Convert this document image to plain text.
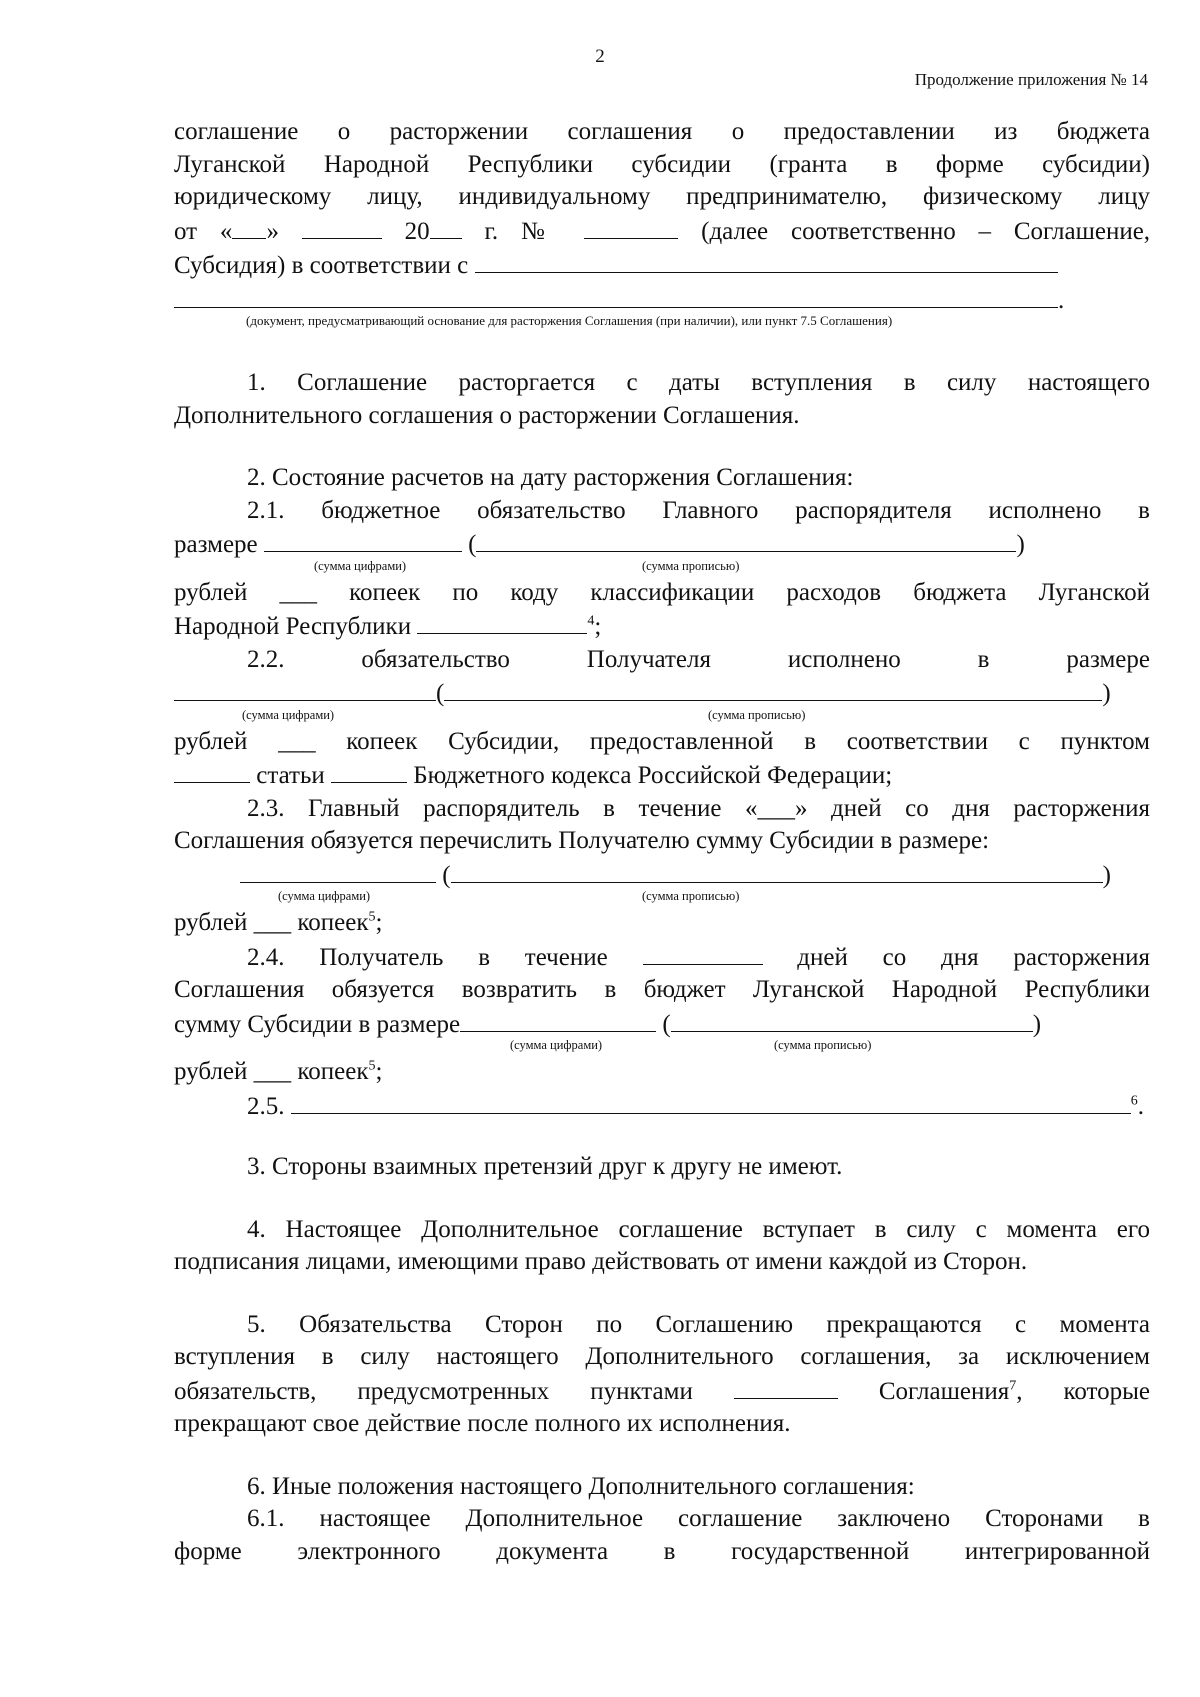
2
Продолжение приложения № 14
соглашение о расторжении соглашения о предоставлении из бюджета
Луганской Народной Республики субсидии (гранта в форме субсидии)
юридическому лицу, индивидуальному предпринимателю, физическому лицу
от « »	20 г. №	(далее соответственно – Соглашение,
Субсидия) в соответствии с
.
(документ, предусматривающий основание для расторжения Соглашения (при наличии), или пункт 7.5 Соглашения)
1. Соглашение расторгается с даты вступления в силу настоящего
Дополнительного соглашения о расторжении Соглашения.
2. Состояние расчетов на дату расторжения Соглашения:
2.1. бюджетное обязательство Главного распорядителя исполнено в
размере	(	)
(сумма цифрами)	(сумма прописью)
рублей ___ копеек по коду классификации расходов бюджета Луганской
Народной Республики	$^4$;
2.2. обязательство Получателя исполнено в размере
(	)
(сумма цифрами)	(сумма прописью)
рублей ___ копеек Субсидии, предоставленной в соответствии с пунктом
статьи	Бюджетного кодекса Российской Федерации;
2.3. Главный распорядитель в течение «___» дней со дня расторжения
Соглашения обязуется перечислить Получателю сумму Субсидии в размере:
(	)
(сумма цифрами)	(сумма прописью)
рублей ___ копеек$^5$;
2.4. Получатель в течение	дней со дня расторжения
Соглашения обязуется возвратить в бюджет Луганской Народной Республики
сумму Субсидии в размере	(	)
(сумма цифрами)	(сумма прописью)
рублей ___ копеек$^5$;
2.5.	$^6$.
3. Стороны взаимных претензий друг к другу не имеют.
4. Настоящее Дополнительное соглашение вступает в силу с момента его
подписания лицами, имеющими право действовать от имени каждой из Сторон.
5. Обязательства Сторон по Соглашению прекращаются с момента
вступления в силу настоящего Дополнительного соглашения, за исключением
обязательств, предусмотренных пунктами	Соглашения$^7$, которые
прекращают свое действие после полного их исполнения.
6. Иные положения настоящего Дополнительного соглашения:
6.1. настоящее Дополнительное соглашение заключено Сторонами в
форме электронного документа в государственной интегрированной
